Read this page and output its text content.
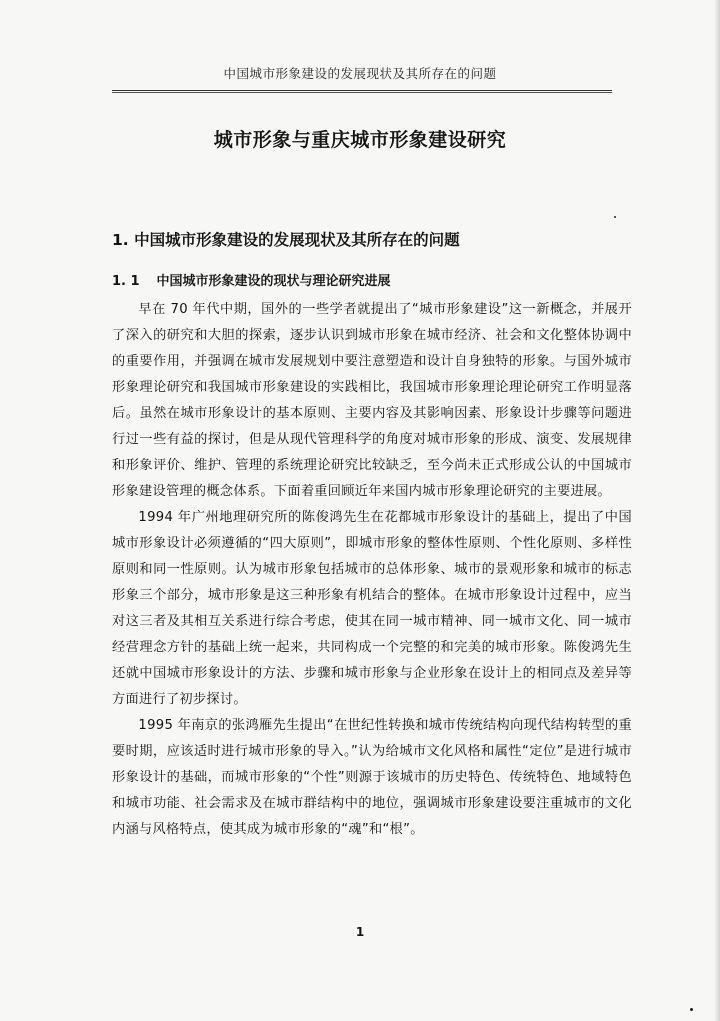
中国城市形象建设的发展现状及其所存在的问题
城市形象与重庆城市形象建设研究
1. 中国城市形象建设的发展现状及其所存在的问题
1. 1 中国城市形象建设的现状与理论研究进展

早在 70 年代中期，国外的一些学者就提出了“城市形象建设”这一新概念，并展开了深入的研究和大胆的探索，逐步认识到城市形象在城市经济、社会和文化整体协调中的重要作用，并强调在城市发展规划中要注意塑造和设计自身独特的形象。与国外城市形象理论研究和我国城市形象建设的实践相比，我国城市形象理论理论研究工作明显落后。虽然在城市形象设计的基本原则、主要内容及其影响因素、形象设计步骤等问题进行过一些有益的探讨，但是从现代管理科学的角度对城市形象的形成、演变、发展规律和形象评价、维护、管理的系统理论研究比较缺乏，至今尚未正式形成公认的中国城市形象建设管理的概念体系。下面着重回顾近年来国内城市形象理论研究的主要进展。

1994 年广州地理研究所的陈俊鸿先生在花都城市形象设计的基础上，提出了中国城市形象设计必须遵循的“四大原则”，即城市形象的整体性原则、个性化原则、多样性原则和同一性原则。认为城市形象包括城市的总体形象、城市的景观形象和城市的标志形象三个部分，城市形象是这三种形象有机结合的整体。在城市形象设计过程中，应当对这三者及其相互关系进行综合考虑，使其在同一城市精神、同一城市文化、同一城市经营理念方针的基础上统一起来，共同构成一个完整的和完美的城市形象。陈俊鸿先生还就中国城市形象设计的方法、步骤和城市形象与企业形象在设计上的相同点及差异等方面进行了初步探讨。

1995 年南京的张鸿雁先生提出“在世纪性转换和城市传统结构向现代结构转型的重要时期，应该适时进行城市形象的导入。”认为给城市文化风格和属性“定位”是进行城市形象设计的基础，而城市形象的“个性”则源于该城市的历史特色、传统特色、地域特色和城市功能、社会需求及在城市群结构中的地位，强调城市形象建设要注重城市的文化内涵与风格特点，使其成为城市形象的“魂”和“根”。

1
